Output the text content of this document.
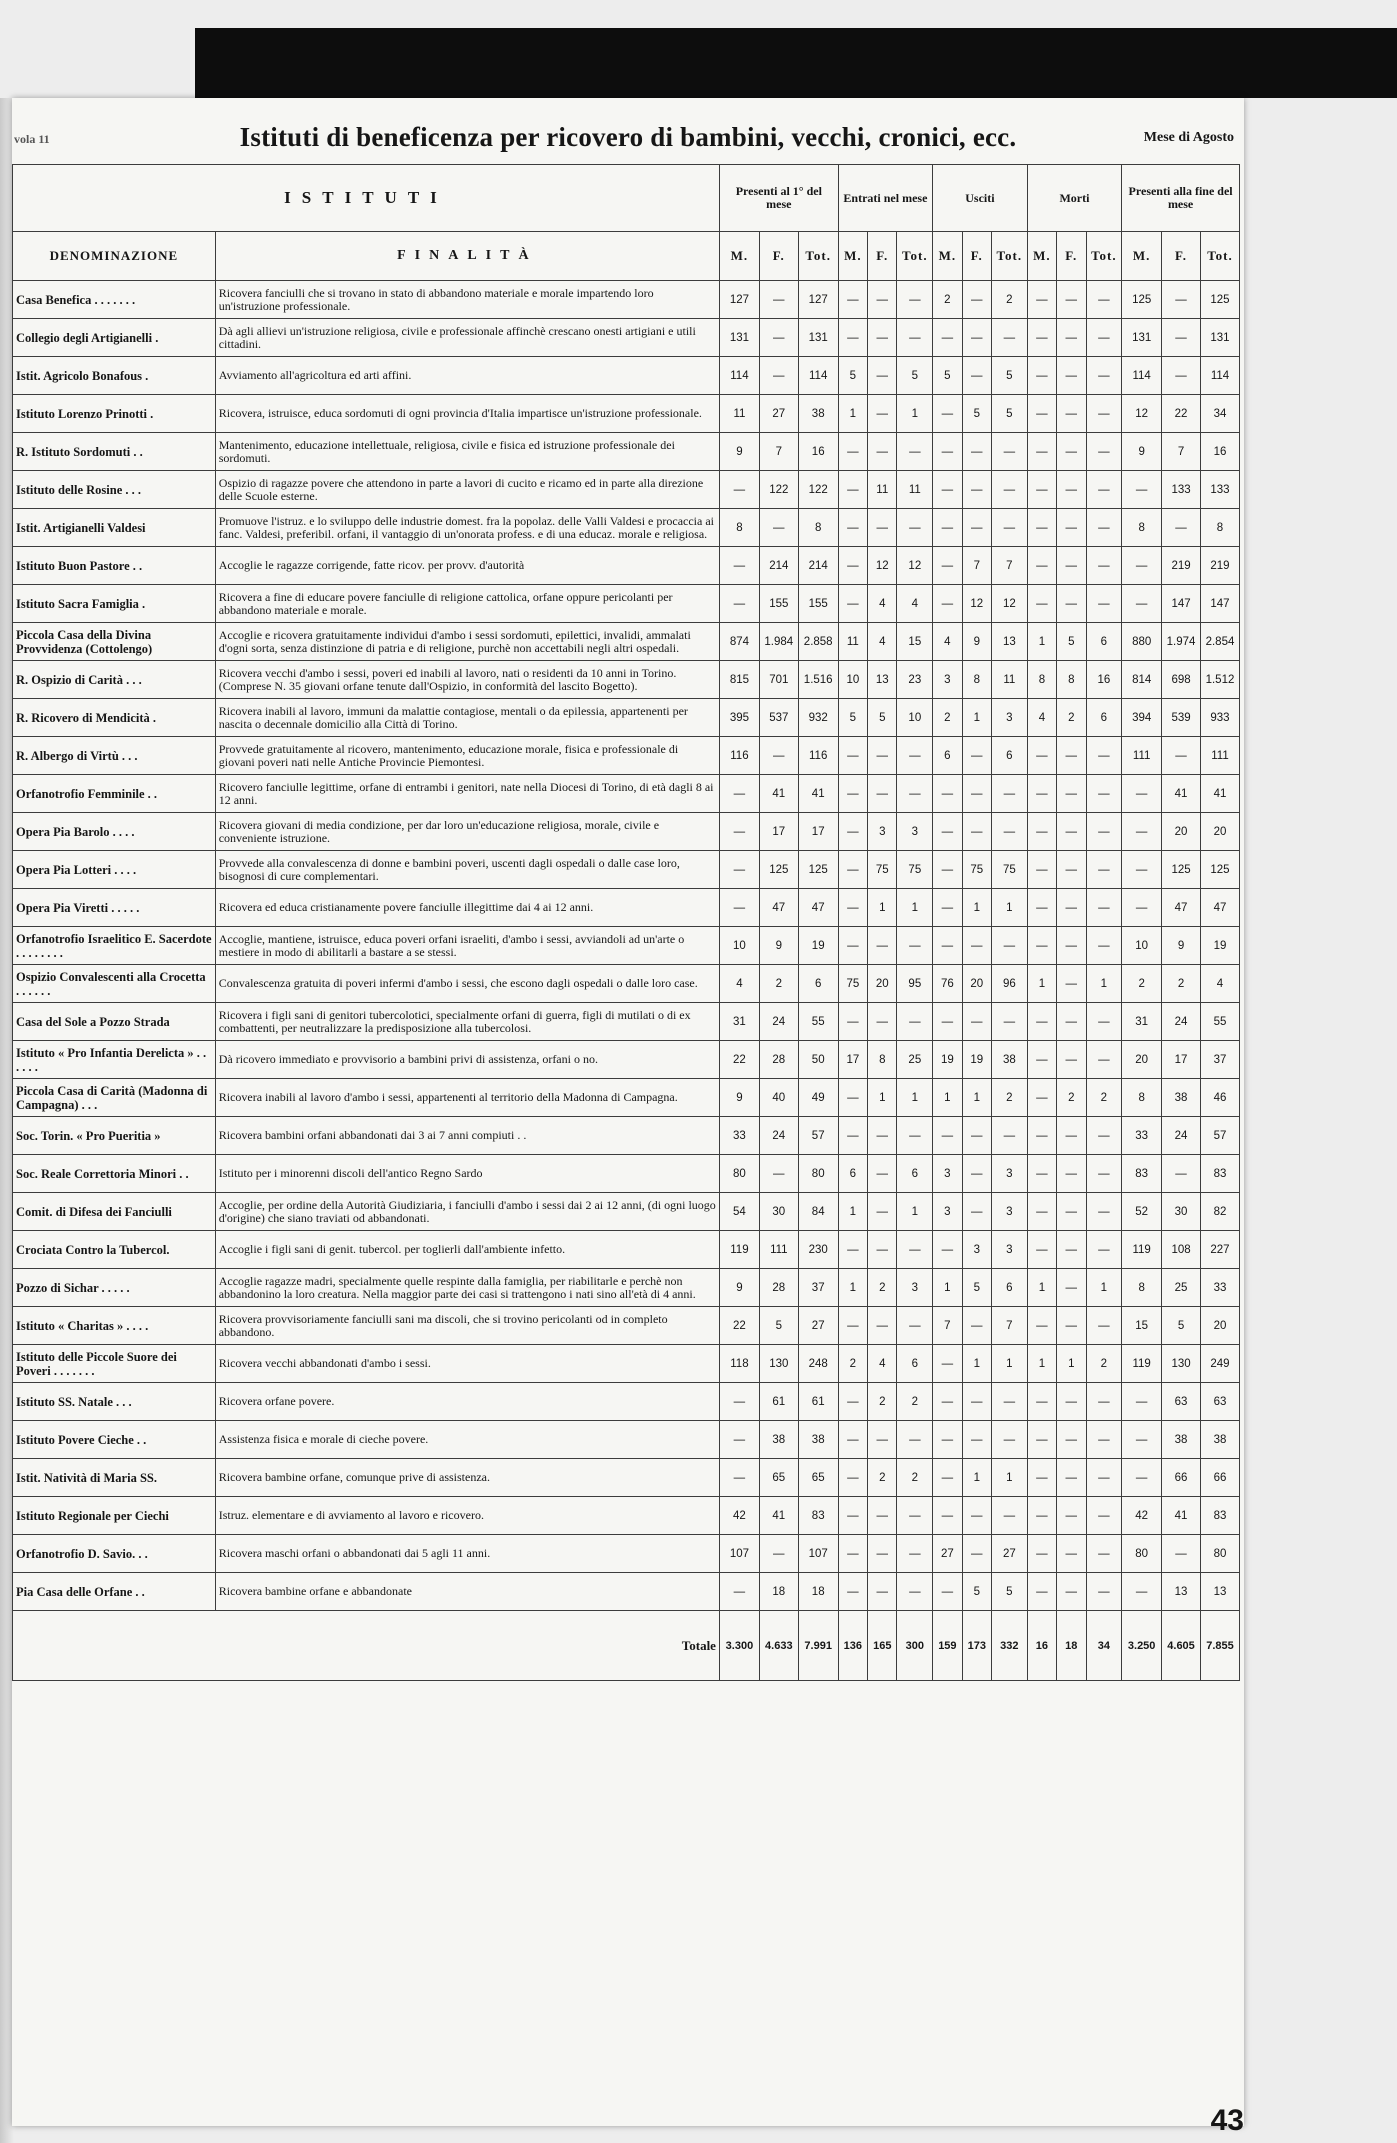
vola 11	Istituti di beneficenza per ricovero di bambini, vecchi, cronici, ecc.	Mese di Agosto
ISTITUTI		Presenti al 1° del mese			Entrati nel mese			Usciti			Morti			Presenti alla fine del mese		
DENOMINAZIONE	FINALITÀ	M.	F.	Tot.	M.	F.	Tot.	M.	F.	Tot.	M.	F.	Tot.	M.	F.	Tot.
Casa Benefica . . . . . . .	Ricovera fanciulli che si trovano in stato di abbandono materiale e morale impartendo loro un'istruzione professionale.	127	—	127	—	—	—	2	—	2	—	—	—	125	—	125
Collegio degli Artigianelli .	Dà agli allievi un'istruzione religiosa, civile e professionale affinchè crescano onesti artigiani e utili cittadini.	131	—	131	—	—	—	—	—	—	—	—	—	131	—	131
Istit. Agricolo Bonafous .	Avviamento all'agricoltura ed arti affini.	114	—	114	5	—	5	5	—	5	—	—	—	114	—	114
Istituto Lorenzo Prinotti .	Ricovera, istruisce, educa sordomuti di ogni provincia d'Italia impartisce un'istruzione professionale.	11	27	38	1	—	1	—	5	5	—	—	—	12	22	34
R. Istituto Sordomuti . .	Mantenimento, educazione intellettuale, religiosa, civile e fisica ed istruzione professionale dei sordomuti.	9	7	16	—	—	—	—	—	—	—	—	—	9	7	16
Istituto delle Rosine . . .	Ospizio di ragazze povere che attendono in parte a lavori di cucito e ricamo ed in parte alla direzione delle Scuole esterne.	—	122	122	—	11	11	—	—	—	—	—	—	—	133	133
Istit. Artigianelli Valdesi	Promuove l'istruz. e lo sviluppo delle industrie domest. fra la popolaz. delle Valli Valdesi e procaccia ai fanc. Valdesi, preferibil. orfani, il vantaggio di un'onorata profess. e di una educaz. morale e religiosa.	8	—	8	—	—	—	—	—	—	—	—	—	8	—	8
Istituto Buon Pastore . .	Accoglie le ragazze corrigende, fatte ricov. per provv. d'autorità	—	214	214	—	12	12	—	7	7	—	—	—	—	219	219
Istituto Sacra Famiglia .	Ricovera a fine di educare povere fanciulle di religione cattolica, orfane oppure pericolanti per abbandono materiale e morale.	—	155	155	—	4	4	—	12	12	—	—	—	—	147	147
Piccola Casa della Divina Provvidenza (Cottolengo)	Accoglie e ricovera gratuitamente individui d'ambo i sessi sordomuti, epilettici, invalidi, ammalati d'ogni sorta, senza distinzione di patria e di religione, purchè non accettabili negli altri ospedali.	874	1.984	2.858	11	4	15	4	9	13	1	5	6	880	1.974	2.854
R. Ospizio di Carità . . .	Ricovera vecchi d'ambo i sessi, poveri ed inabili al lavoro, nati o residenti da 10 anni in Torino. (Comprese N. 35 giovani orfane tenute dall'Ospizio, in conformità del lascito Bogetto).	815	701	1.516	10	13	23	3	8	11	8	8	16	814	698	1.512
R. Ricovero di Mendicità .	Ricovera inabili al lavoro, immuni da malattie contagiose, mentali o da epilessia, appartenenti per nascita o decennale domicilio alla Città di Torino.	395	537	932	5	5	10	2	1	3	4	2	6	394	539	933
R. Albergo di Virtù . . .	Provvede gratuitamente al ricovero, mantenimento, educazione morale, fisica e professionale di giovani poveri nati nelle Antiche Provincie Piemontesi.	116	—	116	—	—	—	6	—	6	—	—	—	111	—	111
Orfanotrofio Femminile . .	Ricovero fanciulle legittime, orfane di entrambi i genitori, nate nella Diocesi di Torino, di età dagli 8 ai 12 anni.	—	41	41	—	—	—	—	—	—	—	—	—	—	41	41
Opera Pia Barolo . . . .	Ricovera giovani di media condizione, per dar loro un'educazione religiosa, morale, civile e conveniente istruzione.	—	17	17	—	3	3	—	—	—	—	—	—	—	20	20
Opera Pia Lotteri . . . .	Provvede alla convalescenza di donne e bambini poveri, uscenti dagli ospedali o dalle case loro, bisognosi di cure complementari.	—	125	125	—	75	75	—	75	75	—	—	—	—	125	125
Opera Pia Viretti . . . . .	Ricovera ed educa cristianamente povere fanciulle illegittime dai 4 ai 12 anni.	—	47	47	—	1	1	—	1	1	—	—	—	—	47	47
Orfanotrofio Israelitico E. Sacerdote . . . . . . . .	Accoglie, mantiene, istruisce, educa poveri orfani israeliti, d'ambo i sessi, avviandoli ad un'arte o mestiere in modo di abilitarli a bastare a se stessi.	10	9	19	—	—	—	—	—	—	—	—	—	10	9	19
Ospizio Convalescenti alla Crocetta . . . . . .	Convalescenza gratuita di poveri infermi d'ambo i sessi, che escono dagli ospedali o dalle loro case.	4	2	6	75	20	95	76	20	96	1	—	1	2	2	4
Casa del Sole a Pozzo Strada	Ricovera i figli sani di genitori tubercolotici, specialmente orfani di guerra, figli di mutilati o di ex combattenti, per neutralizzare la predisposizione alla tubercolosi.	31	24	55	—	—	—	—	—	—	—	—	—	31	24	55
Istituto « Pro Infantia Derelicta » . . . . . .	Dà ricovero immediato e provvisorio a bambini privi di assistenza, orfani o no.	22	28	50	17	8	25	19	19	38	—	—	—	20	17	37
Piccola Casa di Carità (Madonna di Campagna) . . .	Ricovera inabili al lavoro d'ambo i sessi, appartenenti al territorio della Madonna di Campagna.	9	40	49	—	1	1	1	1	2	—	2	2	8	38	46
Soc. Torin. « Pro Pueritia »	Ricovera bambini orfani abbandonati dai 3 ai 7 anni compiuti . .	33	24	57	—	—	—	—	—	—	—	—	—	33	24	57
Soc. Reale Correttoria Minori . .	Istituto per i minorenni discoli dell'antico Regno Sardo	80	—	80	6	—	6	3	—	3	—	—	—	83	—	83
Comit. di Difesa dei Fanciulli	Accoglie, per ordine della Autorità Giudiziaria, i fanciulli d'ambo i sessi dai 2 ai 12 anni, (di ogni luogo d'origine) che siano traviati od abbandonati.	54	30	84	1	—	1	3	—	3	—	—	—	52	30	82
Crociata Contro la Tubercol.	Accoglie i figli sani di genit. tubercol. per toglierli dall'ambiente infetto.	119	111	230	—	—	—	—	3	3	—	—	—	119	108	227
Pozzo di Sichar . . . . .	Accoglie ragazze madri, specialmente quelle respinte dalla famiglia, per riabilitarle e perchè non abbandonino la loro creatura. Nella maggior parte dei casi si trattengono i nati sino all'età di 4 anni.	9	28	37	1	2	3	1	5	6	1	—	1	8	25	33
Istituto « Charitas » . . . .	Ricovera provvisoriamente fanciulli sani ma discoli, che si trovino pericolanti od in completo abbandono.	22	5	27	—	—	—	7	—	7	—	—	—	15	5	20
Istituto delle Piccole Suore dei Poveri . . . . . . .	Ricovera vecchi abbandonati d'ambo i sessi.	118	130	248	2	4	6	—	1	1	1	1	2	119	130	249
Istituto SS. Natale . . .	Ricovera orfane povere.	—	61	61	—	2	2	—	—	—	—	—	—	—	63	63
Istituto Povere Cieche . .	Assistenza fisica e morale di cieche povere.	—	38	38	—	—	—	—	—	—	—	—	—	—	38	38
Istit. Natività di Maria SS.	Ricovera bambine orfane, comunque prive di assistenza.	—	65	65	—	2	2	—	1	1	—	—	—	—	66	66
Istituto Regionale per Ciechi	Istruz. elementare e di avviamento al lavoro e ricovero.	42	41	83	—	—	—	—	—	—	—	—	—	42	41	83
Orfanotrofio D. Savio. . .	Ricovera maschi orfani o abbandonati dai 5 agli 11 anni.	107	—	107	—	—	—	27	—	27	—	—	—	80	—	80
Pia Casa delle Orfane . .	Ricovera bambine orfane e abbandonate	—	18	18	—	—	—	—	5	5	—	—	—	—	13	13
Totale		3.300	4.633	7.991	136	165	300	159	173	332	16	18	34	3.250	4.605	7.855
43
